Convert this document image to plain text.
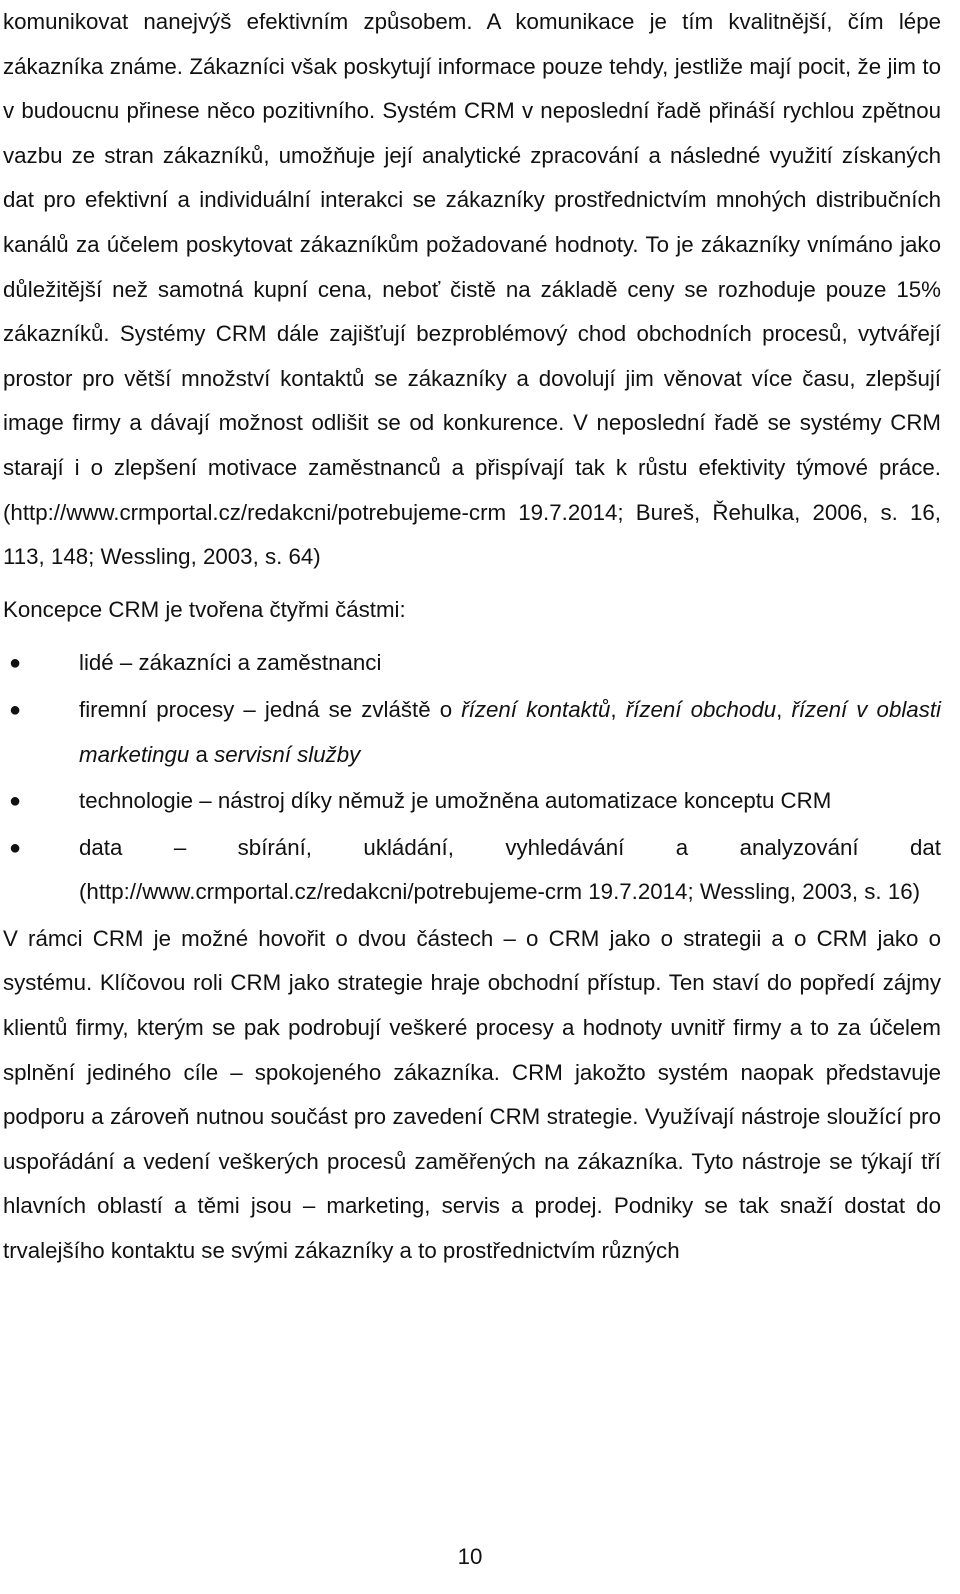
komunikovat nanejvýš efektivním způsobem. A komunikace je tím kvalitnější, čím lépe zákazníka známe. Zákazníci však poskytují informace pouze tehdy, jestliže mají pocit, že jim to v budoucnu přinese něco pozitivního. Systém CRM v neposlední řadě přináší rychlou zpětnou vazbu ze stran zákazníků, umožňuje její analytické zpracování a následné využití získaných dat pro efektivní a individuální interakci se zákazníky prostřednictvím mnohých distribučních kanálů za účelem poskytovat zákazníkům požadované hodnoty. To je zákazníky vnímáno jako důležitější než samotná kupní cena, neboť čistě na základě ceny se rozhoduje pouze 15% zákazníků. Systémy CRM dále zajišťují bezproblémový chod obchodních procesů, vytvářejí prostor pro větší množství kontaktů se zákazníky a dovolují jim věnovat více času, zlepšují image firmy a dávají možnost odlišit se od konkurence. V neposlední řadě se systémy CRM starají i o zlepšení motivace zaměstnanců a přispívají tak k růstu efektivity týmové práce. (http://www.crmportal.cz/redakcni/potrebujeme-crm 19.7.2014; Bureš, Řehulka, 2006, s. 16, 113, 148; Wessling, 2003, s. 64)

Koncepce CRM je tvořena čtyřmi částmi:

●	lidé – zákazníci a zaměstnanci
●	firemní procesy – jedná se zvláště o řízení kontaktů, řízení obchodu, řízení v oblasti marketingu a servisní služby
●	technologie – nástroj díky němuž je umožněna automatizace konceptu CRM
●	data – sbírání, ukládání, vyhledávání a analyzování dat (http://www.crmportal.cz/redakcni/potrebujeme-crm 19.7.2014; Wessling, 2003, s. 16)

V rámci CRM je možné hovořit o dvou částech – o CRM jako o strategii a o CRM jako o systému. Klíčovou roli CRM jako strategie hraje obchodní přístup. Ten staví do popředí zájmy klientů firmy, kterým se pak podrobují veškeré procesy a hodnoty uvnitř firmy a to za účelem splnění jediného cíle – spokojeného zákazníka. CRM jakožto systém naopak představuje podporu a zároveň nutnou součást pro zavedení CRM strategie. Využívají nástroje sloužící pro uspořádání a vedení veškerých procesů zaměřených na zákazníka. Tyto nástroje se týkají tří hlavních oblastí a těmi jsou – marketing, servis a prodej. Podniky se tak snaží dostat do trvalejšího kontaktu se svými zákazníky a to prostřednictvím různých

10
